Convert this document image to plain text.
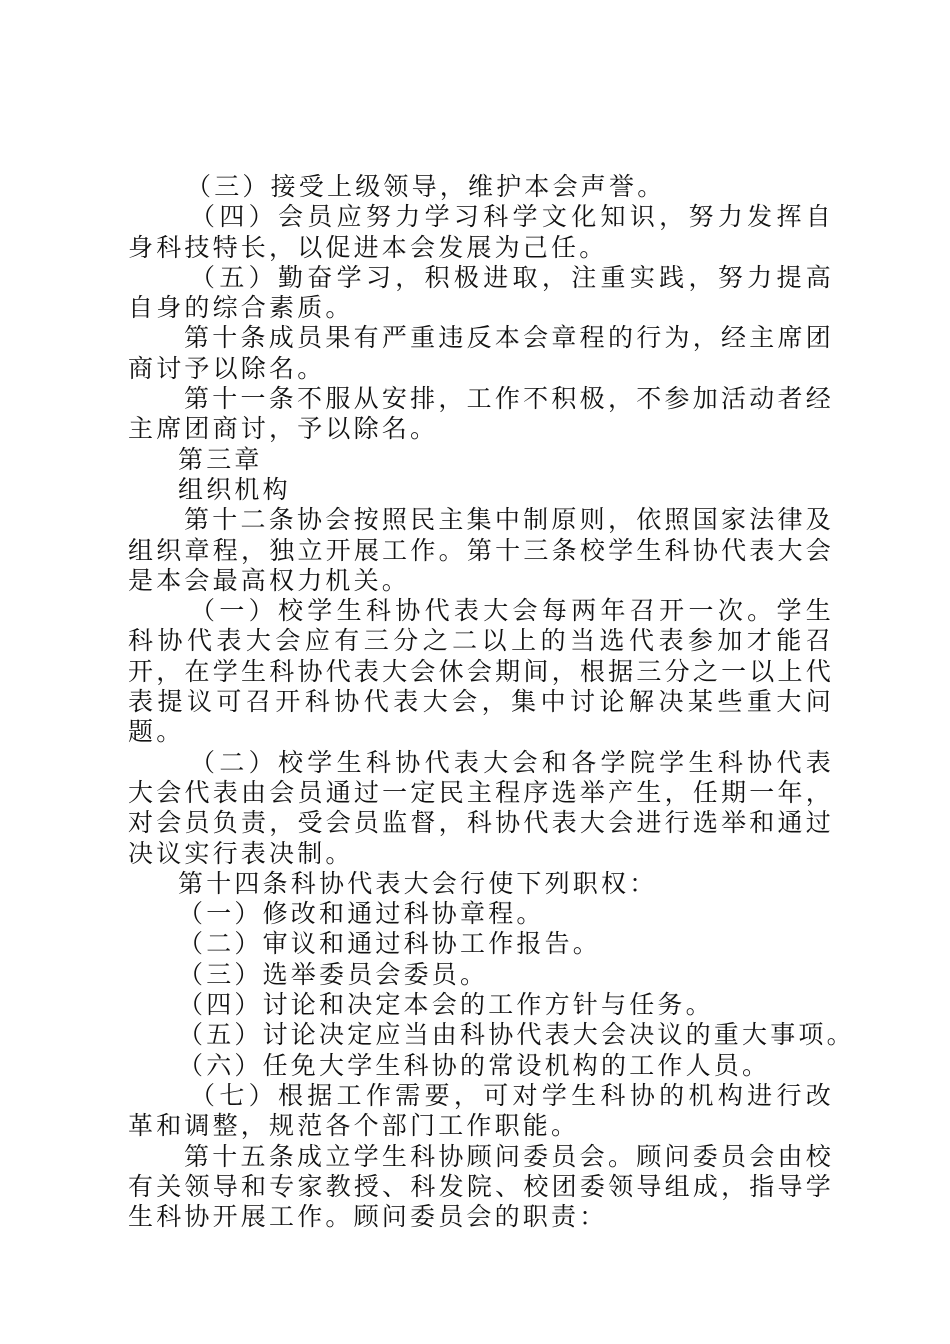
（三）接受上级领导，维护本会声誉。

（四）会员应努力学习科学文化知识，努力发挥自身科技特长，以促进本会发展为己任。

（五）勤奋学习，积极进取，注重实践，努力提高自身的综合素质。

第十条成员果有严重违反本会章程的行为，经主席团商讨予以除名。

第十一条不服从安排，工作不积极，不参加活动者经主席团商讨，予以除名。

第三章
组织机构

第十二条协会按照民主集中制原则，依照国家法律及组织章程，独立开展工作。第十三条校学生科协代表大会是本会最高权力机关。

（一）校学生科协代表大会每两年召开一次。学生科协代表大会应有三分之二以上的当选代表参加才能召开，在学生科协代表大会休会期间，根据三分之一以上代表提议可召开科协代表大会，集中讨论解决某些重大问题。

（二）校学生科协代表大会和各学院学生科协代表大会代表由会员通过一定民主程序选举产生，任期一年，对会员负责，受会员监督，科协代表大会进行选举和通过决议实行表决制。

第十四条科协代表大会行使下列职权：
（一）修改和通过科协章程。
（二）审议和通过科协工作报告。
（三）选举委员会委员。
（四）讨论和决定本会的工作方针与任务。
（五）讨论决定应当由科协代表大会决议的重大事项。
（六）任免大学生科协的常设机构的工作人员。

（七）根据工作需要，可对学生科协的机构进行改革和调整，规范各个部门工作职能。

第十五条成立学生科协顾问委员会。顾问委员会由校有关领导和专家教授、科发院、校团委领导组成，指导学生科协开展工作。顾问委员会的职责：
